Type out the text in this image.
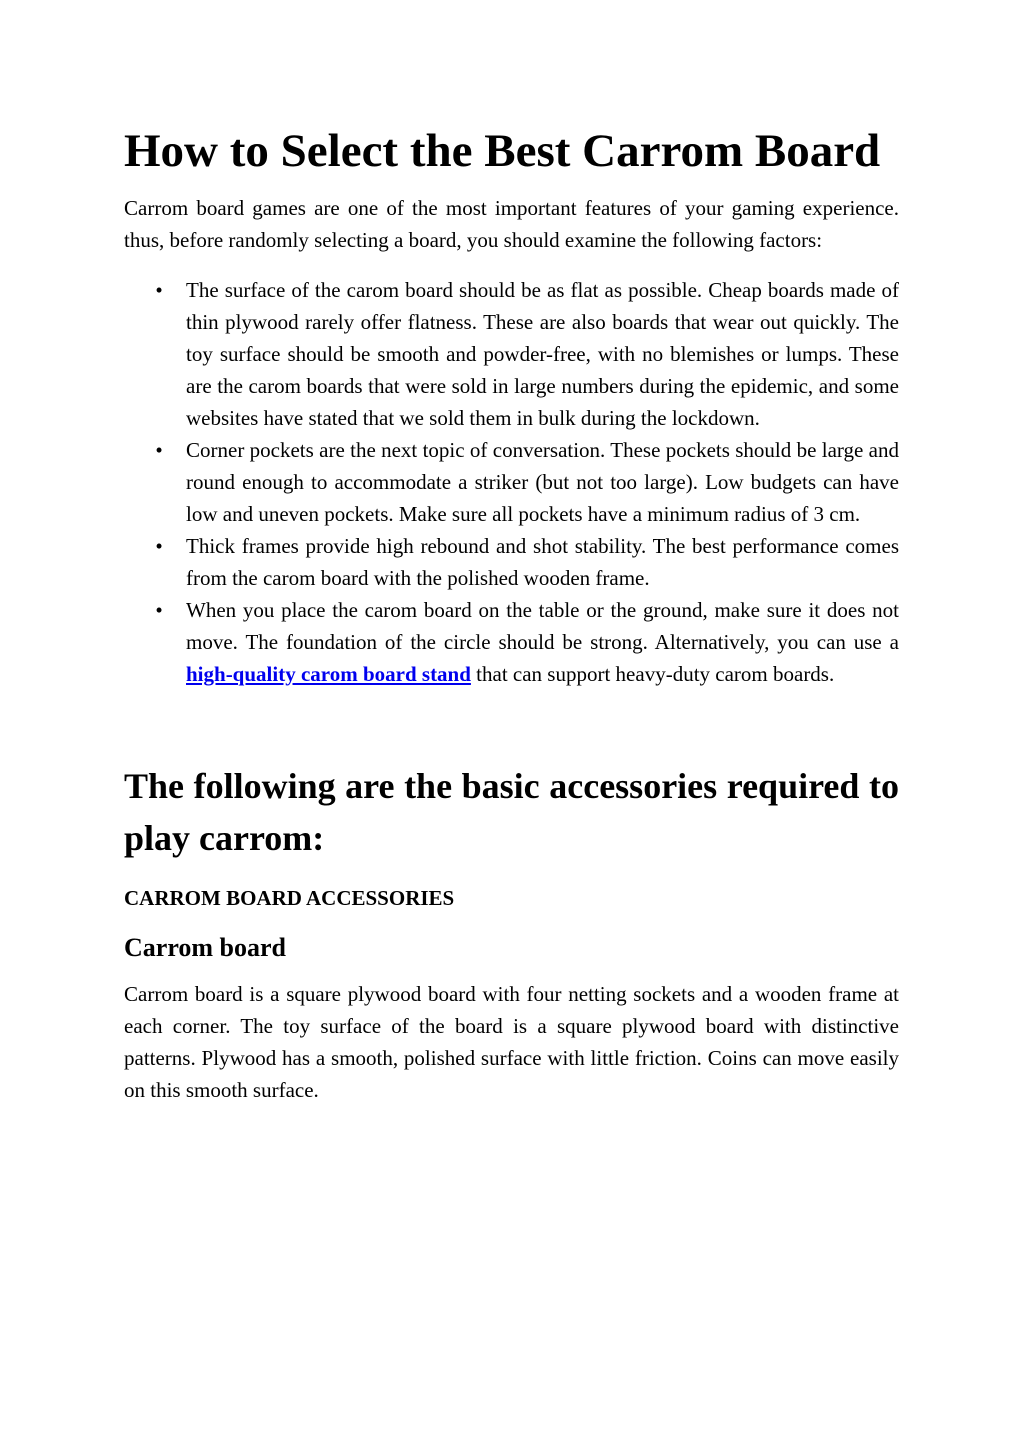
How to Select the Best Carrom Board

Carrom board games are one of the most important features of your gaming experience. thus, before randomly selecting a board, you should examine the following factors:

• The surface of the carom board should be as flat as possible. Cheap boards made of thin plywood rarely offer flatness. These are also boards that wear out quickly. The toy surface should be smooth and powder-free, with no blemishes or lumps. These are the carom boards that were sold in large numbers during the epidemic, and some websites have stated that we sold them in bulk during the lockdown.
• Corner pockets are the next topic of conversation. These pockets should be large and round enough to accommodate a striker (but not too large). Low budgets can have low and uneven pockets. Make sure all pockets have a minimum radius of 3 cm.
• Thick frames provide high rebound and shot stability. The best performance comes from the carom board with the polished wooden frame.
• When you place the carom board on the table or the ground, make sure it does not move. The foundation of the circle should be strong. Alternatively, you can use a high-quality carom board stand that can support heavy-duty carom boards.
The following are the basic accessories required to play carrom:
CARROM BOARD ACCESSORIES
Carrom board

Carrom board is a square plywood board with four netting sockets and a wooden frame at each corner. The toy surface of the board is a square plywood board with distinctive patterns. Plywood has a smooth, polished surface with little friction. Coins can move easily on this smooth surface.
